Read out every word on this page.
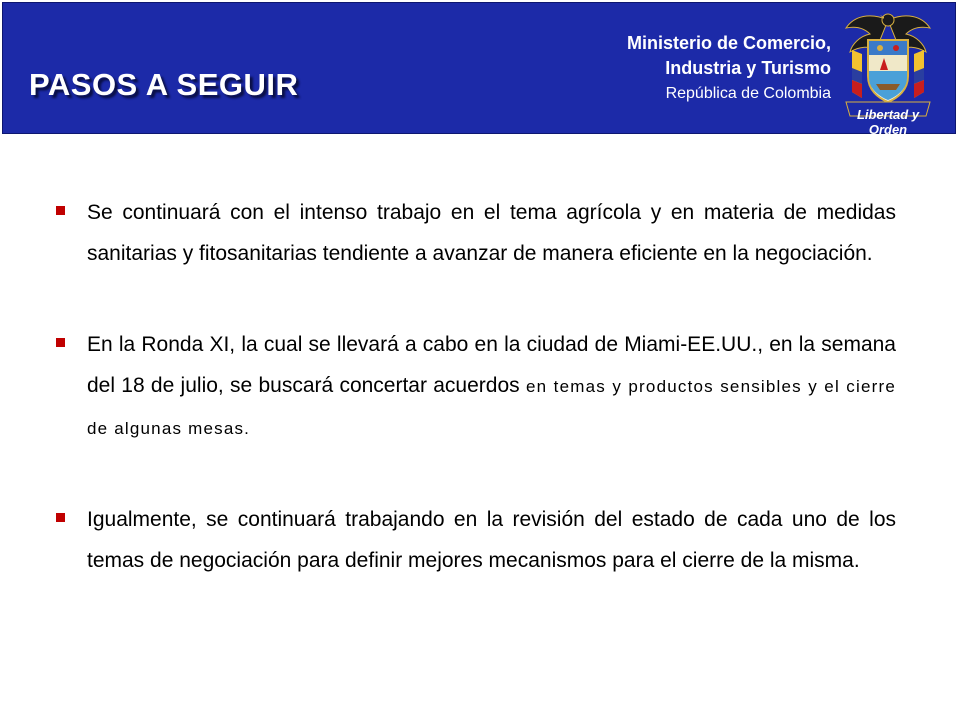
PASOS A SEGUIR
Ministerio de Comercio,
Industria y Turismo
República de Colombia
Libertad y Orden
Se continuará con el intenso trabajo en el tema agrícola y en materia de medidas sanitarias y fitosanitarias tendiente a avanzar de manera eficiente en la negociación.
En la Ronda XI, la cual se llevará a cabo en la ciudad de Miami-EE.UU., en la semana del 18 de julio, se buscará concertar acuerdos en temas y productos sensibles y el cierre de algunas mesas.
Igualmente, se continuará trabajando en la revisión del estado de cada uno de los temas de negociación para definir mejores mecanismos para el cierre de la misma.
